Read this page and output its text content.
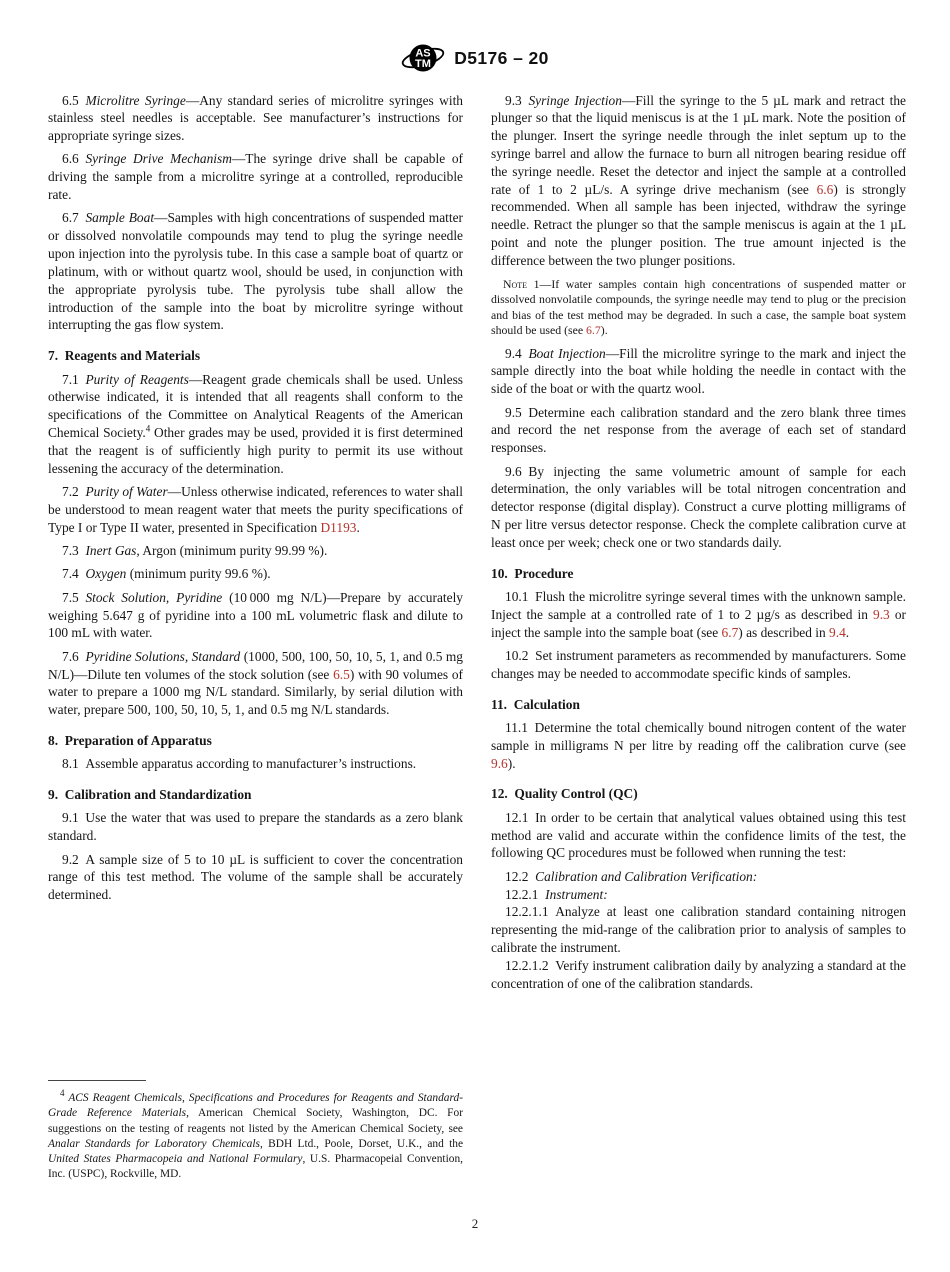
AS
TM D5176 – 20

6.5 Microlitre Syringe—Any standard series of microlitre syringes with stainless steel needles is acceptable. See manufacturer’s instructions for appropriate syringe sizes.

6.6 Syringe Drive Mechanism—The syringe drive shall be capable of driving the sample from a microlitre syringe at a controlled, reproducible rate.

6.7 Sample Boat—Samples with high concentrations of suspended matter or dissolved nonvolatile compounds may tend to plug the syringe needle upon injection into the pyrolysis tube. In this case a sample boat of quartz or platinum, with or without quartz wool, should be used, in conjunction with the appropriate pyrolysis tube. The pyrolysis tube shall allow the introduction of the sample into the boat by microlitre syringe without interrupting the gas flow system.

7. Reagents and Materials

7.1 Purity of Reagents—Reagent grade chemicals shall be used. Unless otherwise indicated, it is intended that all reagents shall conform to the specifications of the Committee on Analytical Reagents of the American Chemical Society.$^4$ Other grades may be used, provided it is first determined that the reagent is of sufficiently high purity to permit its use without lessening the accuracy of the determination.

7.2 Purity of Water—Unless otherwise indicated, references to water shall be understood to mean reagent water that meets the purity specifications of Type I or Type II water, presented in Specification D1193.

7.3 Inert Gas, Argon (minimum purity 99.99 %).

7.4 Oxygen (minimum purity 99.6 %).

7.5 Stock Solution, Pyridine (10 000 mg N/L)—Prepare by accurately weighing 5.647 g of pyridine into a 100 mL volumetric flask and dilute to 100 mL with water.

7.6 Pyridine Solutions, Standard (1000, 500, 100, 50, 10, 5, 1, and 0.5 mg N/L)—Dilute ten volumes of the stock solution (see 6.5) with 90 volumes of water to prepare a 1000 mg N/L standard. Similarly, by serial dilution with water, prepare 500, 100, 50, 10, 5, 1, and 0.5 mg N/L standards.

8. Preparation of Apparatus

8.1 Assemble apparatus according to manufacturer’s instructions.

9. Calibration and Standardization

9.1 Use the water that was used to prepare the standards as a zero blank standard.

9.2 A sample size of 5 to 10 µL is sufficient to cover the concentration range of this test method. The volume of the sample shall be accurately determined.

9.3 Syringe Injection—Fill the syringe to the 5 µL mark and retract the plunger so that the liquid meniscus is at the 1 µL mark. Note the position of the plunger. Insert the syringe needle through the inlet septum up to the syringe barrel and allow the furnace to burn all nitrogen bearing residue off the syringe needle. Reset the detector and inject the sample at a controlled rate of 1 to 2 µL/s. A syringe drive mechanism (see 6.6) is strongly recommended. When all sample has been injected, withdraw the syringe needle. Retract the plunger so that the sample meniscus is again at the 1 µL point and note the plunger position. The true amount injected is the difference between the two plunger positions.

Note 1—If water samples contain high concentrations of suspended matter or dissolved nonvolatile compounds, the syringe needle may tend to plug or the precision and bias of the test method may be degraded. In such a case, the sample boat system should be used (see 6.7).

9.4 Boat Injection—Fill the microlitre syringe to the mark and inject the sample directly into the boat while holding the needle in contact with the side of the boat or with the quartz wool.

9.5 Determine each calibration standard and the zero blank three times and record the net response from the average of each set of standard responses.

9.6 By injecting the same volumetric amount of sample for each determination, the only variables will be total nitrogen concentration and detector response (digital display). Construct a curve plotting milligrams of N per litre versus detector response. Check the complete calibration curve at least once per week; check one or two standards daily.

10. Procedure

10.1 Flush the microlitre syringe several times with the unknown sample. Inject the sample at a controlled rate of 1 to 2 µg/s as described in 9.3 or inject the sample into the sample boat (see 6.7) as described in 9.4.

10.2 Set instrument parameters as recommended by manufacturers. Some changes may be needed to accommodate specific kinds of samples.

11. Calculation

11.1 Determine the total chemically bound nitrogen content of the water sample in milligrams N per litre by reading off the calibration curve (see 9.6).

12. Quality Control (QC)

12.1 In order to be certain that analytical values obtained using this test method are valid and accurate within the confidence limits of the test, the following QC procedures must be followed when running the test:

12.2 Calibration and Calibration Verification:

12.2.1 Instrument:

12.2.1.1 Analyze at least one calibration standard containing nitrogen representing the mid-range of the calibration prior to analysis of samples to calibrate the instrument.

12.2.1.2 Verify instrument calibration daily by analyzing a standard at the concentration of one of the calibration standards.

$^4$ ACS Reagent Chemicals, Specifications and Procedures for Reagents and Standard-Grade Reference Materials, American Chemical Society, Washington, DC. For suggestions on the testing of reagents not listed by the American Chemical Society, see Analar Standards for Laboratory Chemicals, BDH Ltd., Poole, Dorset, U.K., and the United States Pharmacopeia and National Formulary, U.S. Pharmacopeial Convention, Inc. (USPC), Rockville, MD.

2
